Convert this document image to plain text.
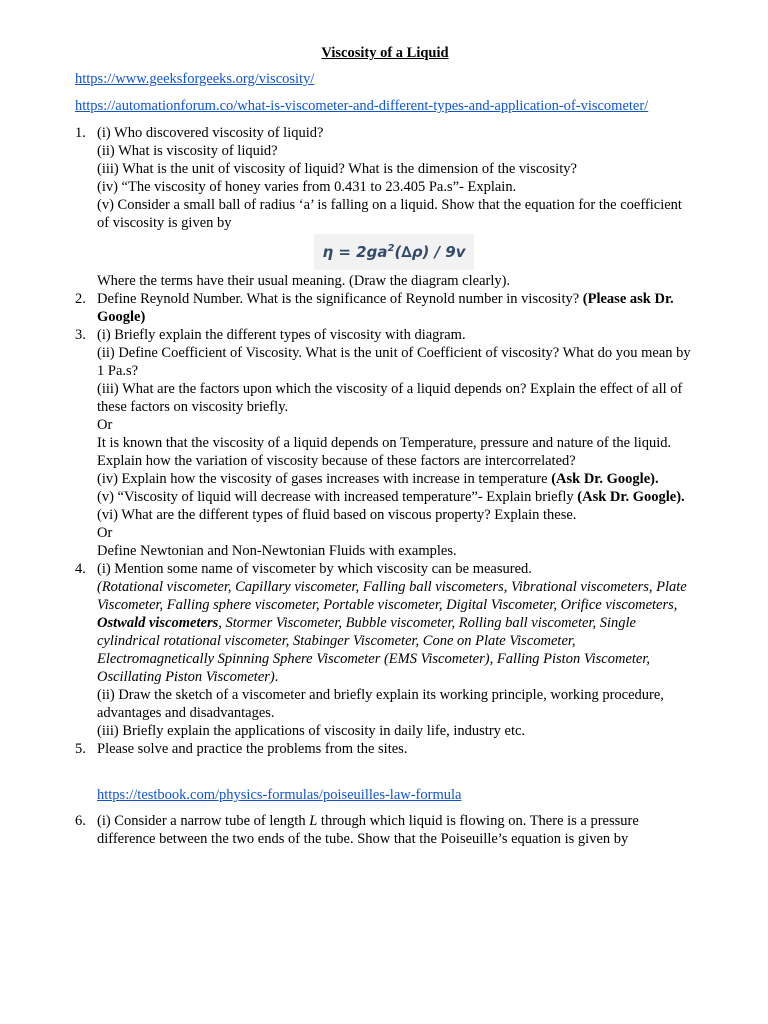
Viscosity of a Liquid
https://www.geeksforgeeks.org/viscosity/
https://automationforum.co/what-is-viscometer-and-different-types-and-application-of-viscometer/
1. (i) Who discovered viscosity of liquid?
(ii) What is viscosity of liquid?
(iii) What is the unit of viscosity of liquid? What is the dimension of the viscosity?
(iv) “The viscosity of honey varies from 0.431 to 23.405 Pa.s”- Explain.
(v) Consider a small ball of radius ‘a’ is falling on a liquid. Show that the equation for the coefficient of viscosity is given by
$\eta = 2ga^2(\Delta\rho) / 9v$
Where the terms have their usual meaning. (Draw the diagram clearly).
2. Define Reynold Number. What is the significance of Reynold number in viscosity? (Please ask Dr. Google)
3. (i) Briefly explain the different types of viscosity with diagram.
(ii) Define Coefficient of Viscosity. What is the unit of Coefficient of viscosity? What do you mean by 1 Pa.s?
(iii) What are the factors upon which the viscosity of a liquid depends on? Explain the effect of all of these factors on viscosity briefly.
Or
It is known that the viscosity of a liquid depends on Temperature, pressure and nature of the liquid. Explain how the variation of viscosity because of these factors are intercorrelated?
(iv) Explain how the viscosity of gases increases with increase in temperature (Ask Dr. Google).
(v) “Viscosity of liquid will decrease with increased temperature”- Explain briefly (Ask Dr. Google).
(vi) What are the different types of fluid based on viscous property? Explain these.
Or
Define Newtonian and Non-Newtonian Fluids with examples.
4. (i) Mention some name of viscometer by which viscosity can be measured.
(Rotational viscometer, Capillary viscometer, Falling ball viscometers, Vibrational viscometers, Plate Viscometer, Falling sphere viscometer, Portable viscometer, Digital Viscometer, Orifice viscometers, Ostwald viscometers, Stormer Viscometer, Bubble viscometer, Rolling ball viscometer, Single cylindrical rotational viscometer, Stabinger Viscometer, Cone on Plate Viscometer, Electromagnetically Spinning Sphere Viscometer (EMS Viscometer), Falling Piston Viscometer, Oscillating Piston Viscometer).
(ii) Draw the sketch of a viscometer and briefly explain its working principle, working procedure, advantages and disadvantages.
(iii) Briefly explain the applications of viscosity in daily life, industry etc.
5. Please solve and practice the problems from the sites.
https://testbook.com/physics-formulas/poiseuilles-law-formula
6. (i) Consider a narrow tube of length L through which liquid is flowing on. There is a pressure difference between the two ends of the tube. Show that the Poiseuille’s equation is given by
